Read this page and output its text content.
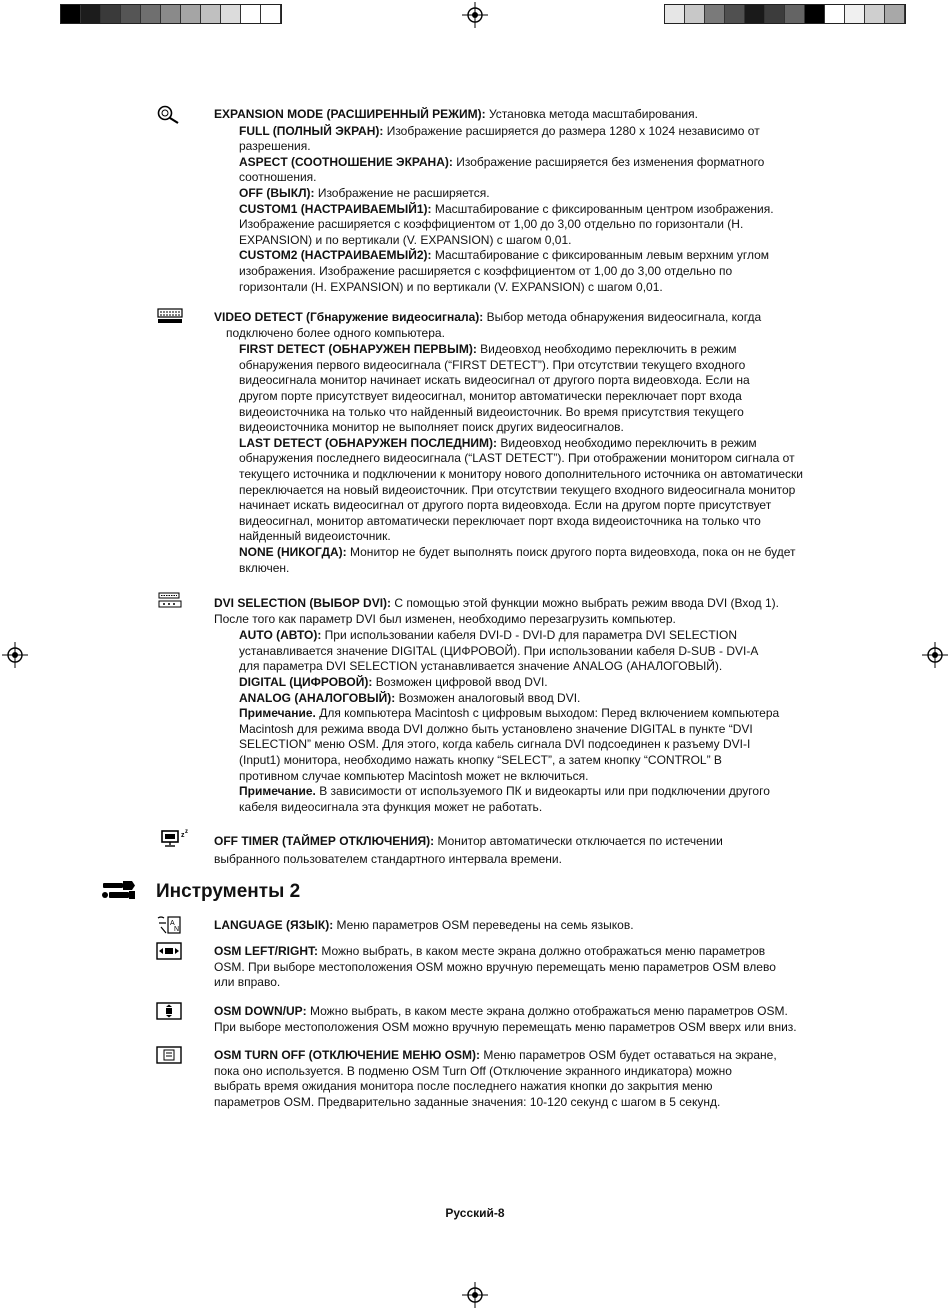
z z
A
N

EXPANSION MODE (РАСШИРЕННЫЙ РЕЖИМ): Установка метода масштабирования.

FULL (ПОЛНЫЙ ЭКРАН): Изображение расширяется до размера 1280 x 1024 независимо от
разрешения.

ASPECT (СООТНОШЕНИЕ ЭКРАНА): Изображение расширяется без изменения форматного
соотношения.

OFF (ВЫКЛ): Изображение не расширяется.

CUSTOM1 (НАСТРАИВАЕМЫЙ1): Масштабирование с фиксированным центром изображения.
Изображение расширяется с коэффициентом от 1,00 до 3,00 отдельно по горизонтали (H.
EXPANSION) и по вертикали (V. EXPANSION) с шагом 0,01.

CUSTOM2 (НАСТРАИВАЕМЫЙ2): Масштабирование с фиксированным левым верхним углом
изображения. Изображение расширяется с коэффициентом от 1,00 до 3,00 отдельно по
горизонтали (H. EXPANSION) и по вертикали (V. EXPANSION) с шагом 0,01.

VIDEO DETECT (Гбнаружение видеосигнала): Выбор метода обнаружения видеосигнала, когда
подключено более одного компьютера.

FIRST DETECT (ОБНАРУЖЕН ПЕРВЫМ): Видеовход необходимо переключить в режим
обнаружения первого видеосигнала (“FIRST DETECT”). При отсутствии текущего входного
видеосигнала монитор начинает искать видеосигнал от другого порта видеовхода. Если на
другом порте присутствует видеосигнал, монитор автоматически переключает порт входа
видеоисточника на только что найденный видеоисточник. Во время присутствия текущего
видеоисточника монитор не выполняет поиск других видеосигналов.

LAST DETECT (ОБНАРУЖЕН ПОСЛЕДНИМ): Видеовход необходимо переключить в режим
обнаружения последнего видеосигнала (“LAST DETECT”). При отображении монитором сигнала от
текущего источника и подключении к монитору нового дополнительного источника он автоматически
переключается на новый видеоисточник. При отсутствии текущего входного видеосигнала монитор
начинает искать видеосигнал от другого порта видеовхода. Если на другом порте присутствует
видеосигнал, монитор автоматически переключает порт входа видеоисточника на только что
найденный видеоисточник.

NONE (НИКОГДА): Монитор не будет выполнять поиск другого порта видеовхода, пока он не будет
включен.

DVI SELECTION (ВЫБОР DVI): С помощью этой функции можно выбрать режим ввода DVI (Вход 1).
После того как параметр DVI был изменен, необходимо перезагрузить компьютер.

AUTO (АВТО): При использовании кабеля DVI-D - DVI-D для параметра DVI SELECTION
устанавливается значение DIGITAL (ЦИФРОВОЙ). При использовании кабеля D-SUB - DVI-A
для параметра DVI SELECTION устанавливается значение ANALOG (АНАЛОГОВЫЙ).

DIGITAL (ЦИФРОВОЙ): Возможен цифровой ввод DVI.

ANALOG (АНАЛОГОВЫЙ): Возможен аналоговый ввод DVI.

Примечание. Для компьютера Macintosh с цифровым выходом: Перед включением компьютера
Macintosh для режима ввода DVI должно быть установлено значение DIGITAL в пункте “DVI
SELECTION” меню OSM. Для этого, когда кабель сигнала DVI подсоединен к разъему DVI-I
(Input1) монитора, необходимо нажать кнопку “SELECT”, а затем кнопку “CONTROL” В
противном случае компьютер Macintosh может не включиться.

Примечание. В зависимости от используемого ПК и видеокарты или при подключении другого
кабеля видеосигнала эта функция может не работать.

OFF TIMER (ТАЙМЕР ОТКЛЮЧЕНИЯ): Монитор автоматически отключается по истечении
выбранного пользователем стандартного интервала времени.

Инструменты 2

LANGUAGE (ЯЗЫК): Меню параметров OSM переведены на семь языков.

OSM LEFT/RIGHT: Можно выбрать, в каком месте экрана должно отображаться меню параметров
OSM. При выборе местоположения OSM можно вручную перемещать меню параметров OSM влево
или вправо.

OSM DOWN/UP: Можно выбрать, в каком месте экрана должно отображаться меню параметров OSM.
При выборе местоположения OSM можно вручную перемещать меню параметров OSM вверх или вниз.

OSM TURN OFF (ОТКЛЮЧЕНИЕ МЕНЮ OSM): Меню параметров OSM будет оставаться на экране,
пока оно используется. В подменю OSM Turn Off (Отключение экранного индикатора) можно
выбрать время ожидания монитора после последнего нажатия кнопки до закрытия меню
параметров OSM. Предварительно заданные значения: 10-120 секунд с шагом в 5 секунд.

Русский-8
